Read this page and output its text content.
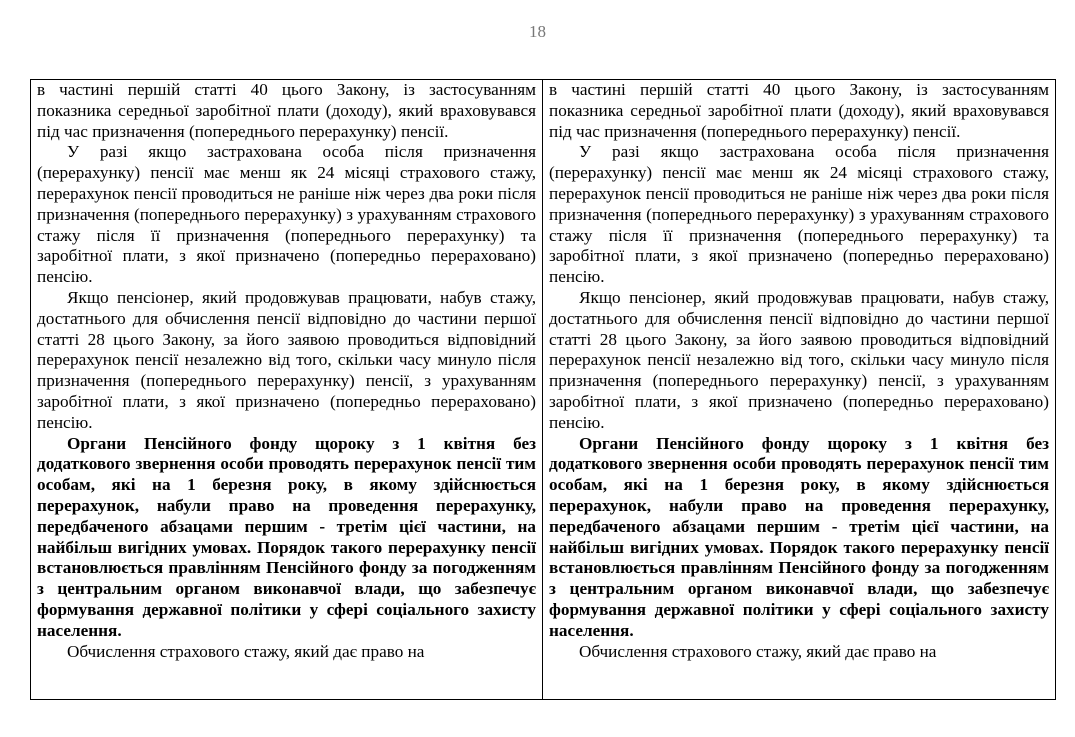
18

в частині першій статті 40 цього Закону, із застосуванням показника середньої заробітної плати (доходу), який враховувався під час призначення (попереднього перерахунку) пенсії.

У разі якщо застрахована особа після призначення (перерахунку) пенсії має менш як 24 місяці страхового стажу, перерахунок пенсії проводиться не раніше ніж через два роки після призначення (попереднього перерахунку) з урахуванням страхового стажу після її призначення (попереднього перерахунку) та заробітної плати, з якої призначено (попередньо перераховано) пенсію.

Якщо пенсіонер, який продовжував працювати, набув стажу, достатнього для обчислення пенсії відповідно до частини першої статті 28 цього Закону, за його заявою проводиться відповідний перерахунок пенсії незалежно від того, скільки часу минуло після призначення (попереднього перерахунку) пенсії, з урахуванням заробітної плати, з якої призначено (попередньо перераховано) пенсію.

Органи Пенсійного фонду щороку з 1 квітня без додаткового звернення особи проводять перерахунок пенсії тим особам, які на 1 березня року, в якому здійснюється перерахунок, набули право на проведення перерахунку, передбаченого абзацами першим - третім цієї частини, на найбільш вигідних умовах. Порядок такого перерахунку пенсії встановлюється правлінням Пенсійного фонду за погодженням з центральним органом виконавчої влади, що забезпечує формування державної політики у сфері соціального захисту населення.

Обчислення страхового стажу, який дає право на

в частині першій статті 40 цього Закону, із застосуванням показника середньої заробітної плати (доходу), який враховувався під час призначення (попереднього перерахунку) пенсії.

У разі якщо застрахована особа після призначення (перерахунку) пенсії має менш як 24 місяці страхового стажу, перерахунок пенсії проводиться не раніше ніж через два роки після призначення (попереднього перерахунку) з урахуванням страхового стажу після її призначення (попереднього перерахунку) та заробітної плати, з якої призначено (попередньо перераховано) пенсію.

Якщо пенсіонер, який продовжував працювати, набув стажу, достатнього для обчислення пенсії відповідно до частини першої статті 28 цього Закону, за його заявою проводиться відповідний перерахунок пенсії незалежно від того, скільки часу минуло після призначення (попереднього перерахунку) пенсії, з урахуванням заробітної плати, з якої призначено (попередньо перераховано) пенсію.

Органи Пенсійного фонду щороку з 1 квітня без додаткового звернення особи проводять перерахунок пенсії тим особам, які на 1 березня року, в якому здійснюється перерахунок, набули право на проведення перерахунку, передбаченого абзацами першим - третім цієї частини, на найбільш вигідних умовах. Порядок такого перерахунку пенсії встановлюється правлінням Пенсійного фонду за погодженням з центральним органом виконавчої влади, що забезпечує формування державної політики у сфері соціального захисту населення.

Обчислення страхового стажу, який дає право на
